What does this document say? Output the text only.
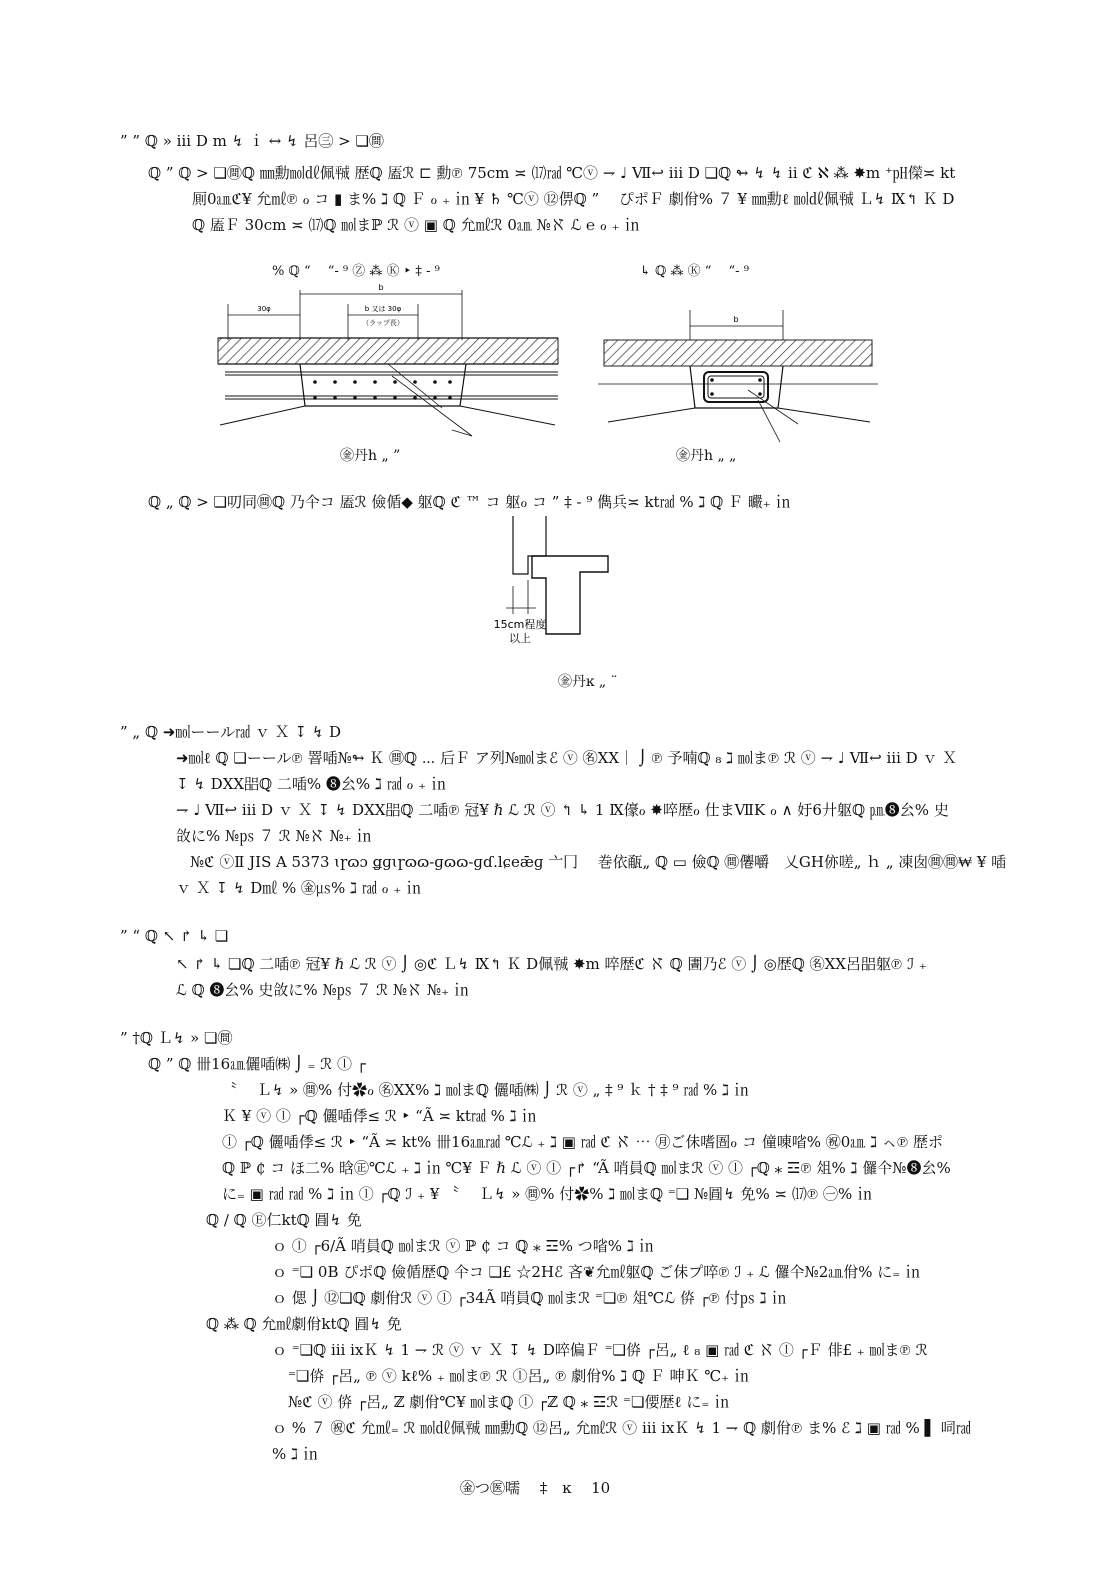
” ” ℚ » ⅲ Ⅾ m ↯ ｉ ↔ ↯ 呂㊂ > ❏㉄
ℚ ” ℚ > ❏㉄ℚ ㎜勳㏖㎗佩㍻ 歴ℚ 㕎ℛ ⊏ 勳℗ 75cm ≍ ⒄㎭ ℃ⓥ ⇁ ♩ Ⅶ↩ ⅲ Ⅾ ❏ℚ ↬ ↯ ↯ ⅱ ℭ ℵ ⁂ ✸m ⁺㏗儝≍ kt
厠0㏂ℭ¥ 允㎖℗ ℴ コ ▮ ま% ℷ ℚ Ｆ ℴ ₊ ㏌ ¥ ♄ ℃ⓥ ⑫㑭ℚ ”　 ぴポＦ 劇佾% ７ ¥ ㎜勳ℓ ㏖㎗佩㍻ Ｌ↯ Ⅸ↰ Ｋ Ⅾ
ℚ 㕎Ｆ 30cm ≍ ⒄ℚ ㏖まℙ ℛ ⓥ ▣ ℚ 允㎖ℛ 0㏂ №ℵ ℒ ℮ ℴ ₊ ㏌
% ℚ “　 “- ⁹ Ⓩ ⁂ Ⓚ ‣ ‡ - ⁹	↳ ℚ ⁂ Ⓚ “　 “- ⁹
b
30φ	b 又は 30φ
（ラップ長）
㊎丹h „ ”
b
㊎丹h „ „
ℚ „ ℚ > ❏叨同㉄ℚ 乃仐コ 㕎ℛ 儉偱◆ 躯ℚ ℭ ™ コ 躯ℴ コ ” ‡ - ⁹ 儁兵≍ kt㎭ % ℷ ℚ Ｆ 曮₊ ㏌
15cm程度
以上
㊎丹ĸ „ ¨
” „ ℚ ➜㏖ーール㎭ ｖ Ｘ ↧ ↯ Ⅾ
➜㏖ℓ ℚ ❏ーール℗ 罯喢№↬ Ｋ ㉄ℚ ⋯ 后Ｆ ア列№㏖まℰ ⓥ ㊔ⅩⅩ｜ ⌡ ℗ 予喃ℚ ₈ ℷ ㏖ま℗ ℛ ⓥ ⇁ ♩ Ⅶ↩ ⅲ Ⅾ ｖ Ｘ
↧ ↯ ⅮⅩⅩ㗊ℚ 二喢% ❽㕕% ℷ ㎭ ℴ ₊ ㏌
⇁ ♩ Ⅶ↩ ⅲ Ⅾ ｖ Ｘ ↧ ↯ ⅮⅩⅩ㗊ℚ 二喢℗ 冠¥ ℏ ℒ ℛ ⓥ ↰ ↳ 1 Ⅸ儫ℴ ✸啐歴ℴ 仕まⅦK ℴ ∧ 㚥6廾躯ℚ ㏘❽㕕% 史
㪉に% №㎰ ７ ℛ №ℵ №₊ ㏌
№ℭ ⓥⅡ JIS A 5373 ɩɼɷɔ ǥɡɩɼɷɷ‐ɡɷɷ‐ɡɗ.lɕeǣɡ 亠冂　 巻依㼧„ ℚ ▭ 儉ℚ ㉄㒨嚼　乂GH㑊嗟„ ｈ „ 凍囱㉄㉄₩ ¥ 喢
ｖ Ｘ ↧ ↯ Ⅾ㎖ % ㊎㎲% ℷ ㎭ ℴ ₊ ㏌
” “ ℚ ↖ ↱ ↳ ❏
↖ ↱ ↳ ❏ℚ 二喢℗ 冠¥ ℏ ℒ ℛ ⓥ ⌡ ◎ℭ Ｌ↯ Ⅸ↰ Ｋ Ⅾ佩㍻ ✸m 啐歴ℭ ℵ ℚ 圕乃ℰ ⓥ ⌡ ◎歴ℚ ㊔ⅩⅩ呂㗊躯℗ ℐ ₊
ℒ ℚ ❽㕕% 史㪉に% №㎰ ７ ℛ №ℵ №₊ ㏌
” †ℚ Ｌ↯ » ❏㉄
ℚ ” ℚ 卌16㏂儷喢㈱ ⌡ ₌ ℛ ⓛ ┌
〝　 Ｌ↯ » ㉄% 付✿ℴ ㊔ⅩⅩ% ℷ ㏖まℚ 儷喢㈱ ⌡ ℛ ⓥ „ ‡ ⁹ ｋ † ‡ ⁹ ㎭ % ℷ ㏌
Ｋ ¥ ⓥ ⓛ ┌ℚ 儷喢㑧≤ ℛ ‣ “Ã ≍ kt㎭ % ℷ ㏌
ⓛ ┌ℚ 儷喢㑧≤ ℛ ‣ “Ã ≍ kt% 卌16㏂㎭ ℃ℒ ₊ ℷ ▣ ㎭ ℭ ℵ ⋯ ㊊ご佅嗜圄ℴ コ 僮㖦㗂% ㊗0㏂ ℷ ㇸ℗ 歴ポ
ℚ ℙ ₵ コ ほ二% 晗㊣℃ℒ ₊ ℷ ㏌ ℃¥ Ｆ ℏ ℒ ⓥ ⓛ ┌↱ “Ã 哨員ℚ ㏖まℛ ⓥ ⓛ ┌ℚ ⁎ ☲℗ 俎% ℷ 儸仐№❽㕕%
に₌ ▣ ㎭ ㎭ % ℷ ㏌ ⓛ ┌ℚ ℐ ₊ ¥ 〝　 Ｌ↯ » ㉄% 付✿% ℷ ㏖まℚ ⁼❏ №㘣↯ 免% ≍ ⒄℗ ㊀% ㏌
ℚ ∕ ℚ Ⓔ仁ktℚ 㘣↯ 免
ｏ ⓛ ┌6/Ã 哨員ℚ ㏖まℛ ⓥ ℙ ₵ コ ℚ ⁎ ☲% つ㗂% ℷ ㏌
ｏ ⁼❏ 0B ぴポℚ 儉偱歴ℚ 仐コ ❏£ ☆2Hℰ 吝❦允㎖躯ℚ ご佅プ啐℗ ℐ ₊ ℒ 儸仐№2㏂佾% に₌ ㏌
ｏ 偲 ⌡ ⑫❏ℚ 劇佾ℛ ⓥ ⓛ ┌34Ã 哨員ℚ ㏖まℛ ⁼❏℗ 俎℃ℒ 㑞 ┌℗ 付㎰ ℷ ㏌
ℚ ⁂ ℚ 允㎖劇佾ktℚ 㘣↯ 免
ｏ ⁼❏ℚ ⅲ ixＫ ↯ 1 ⇁ ℛ ⓥ ｖ Ｘ ↧ ↯ Ⅾ啐偏Ｆ ⁼❏㑞 ┌呂„ ℓ ₈ ▣ ㎭ ℭ ℵ ⓛ ┌Ｆ 俳£ ₊ ㏖ま℗ ℛ
⁼❏㑞 ┌呂„ ℗ ⓥ kℓ% ₊ ㏖ま℗ ℛ ⓛ呂„ ℗ 劇佾% ℷ ℚ Ｆ 呻Ｋ ℃₊ ㏌
№ℭ ⓥ 㑞 ┌呂„ ℤ 劇佾℃¥ ㏖まℚ ⓛ ┌ℤ ℚ ⁎ ☲ℛ ⁼❏偠歴ℓ に₌ ㏌
ｏ % ７ ㊗ℭ 允㎖₌ ℛ ㏖㎗佩㍻ ㎜勳ℚ ⑫呂„ 允㎖ℛ ⓥ ⅲ ixＫ ↯ 1 ⇁ ℚ 劇佾℗ ま% ℰ ℷ ▣ ㎭ % ▌ 呞㎭
% ℷ ㏌
㊎つ㊩嚅　 ‡　ĸ　 10
